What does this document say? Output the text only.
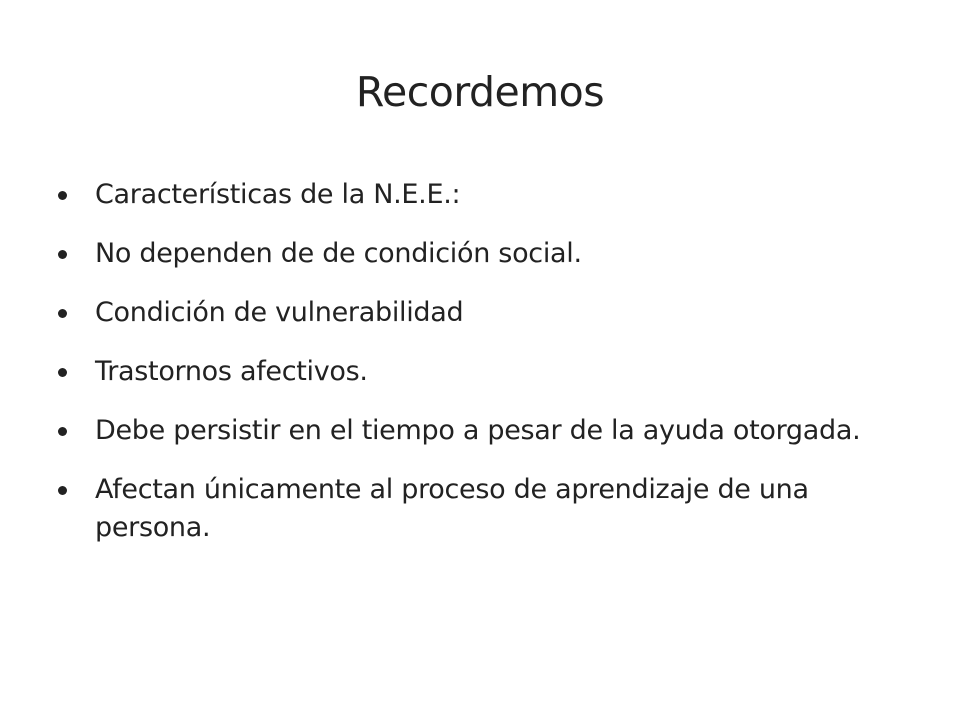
Recordemos
Características de la N.E.E.:
No dependen de de condición social.
Condición de vulnerabilidad
Trastornos afectivos.
Debe persistir en el tiempo a pesar de la ayuda otorgada.
Afectan únicamente al proceso de aprendizaje de una persona.
